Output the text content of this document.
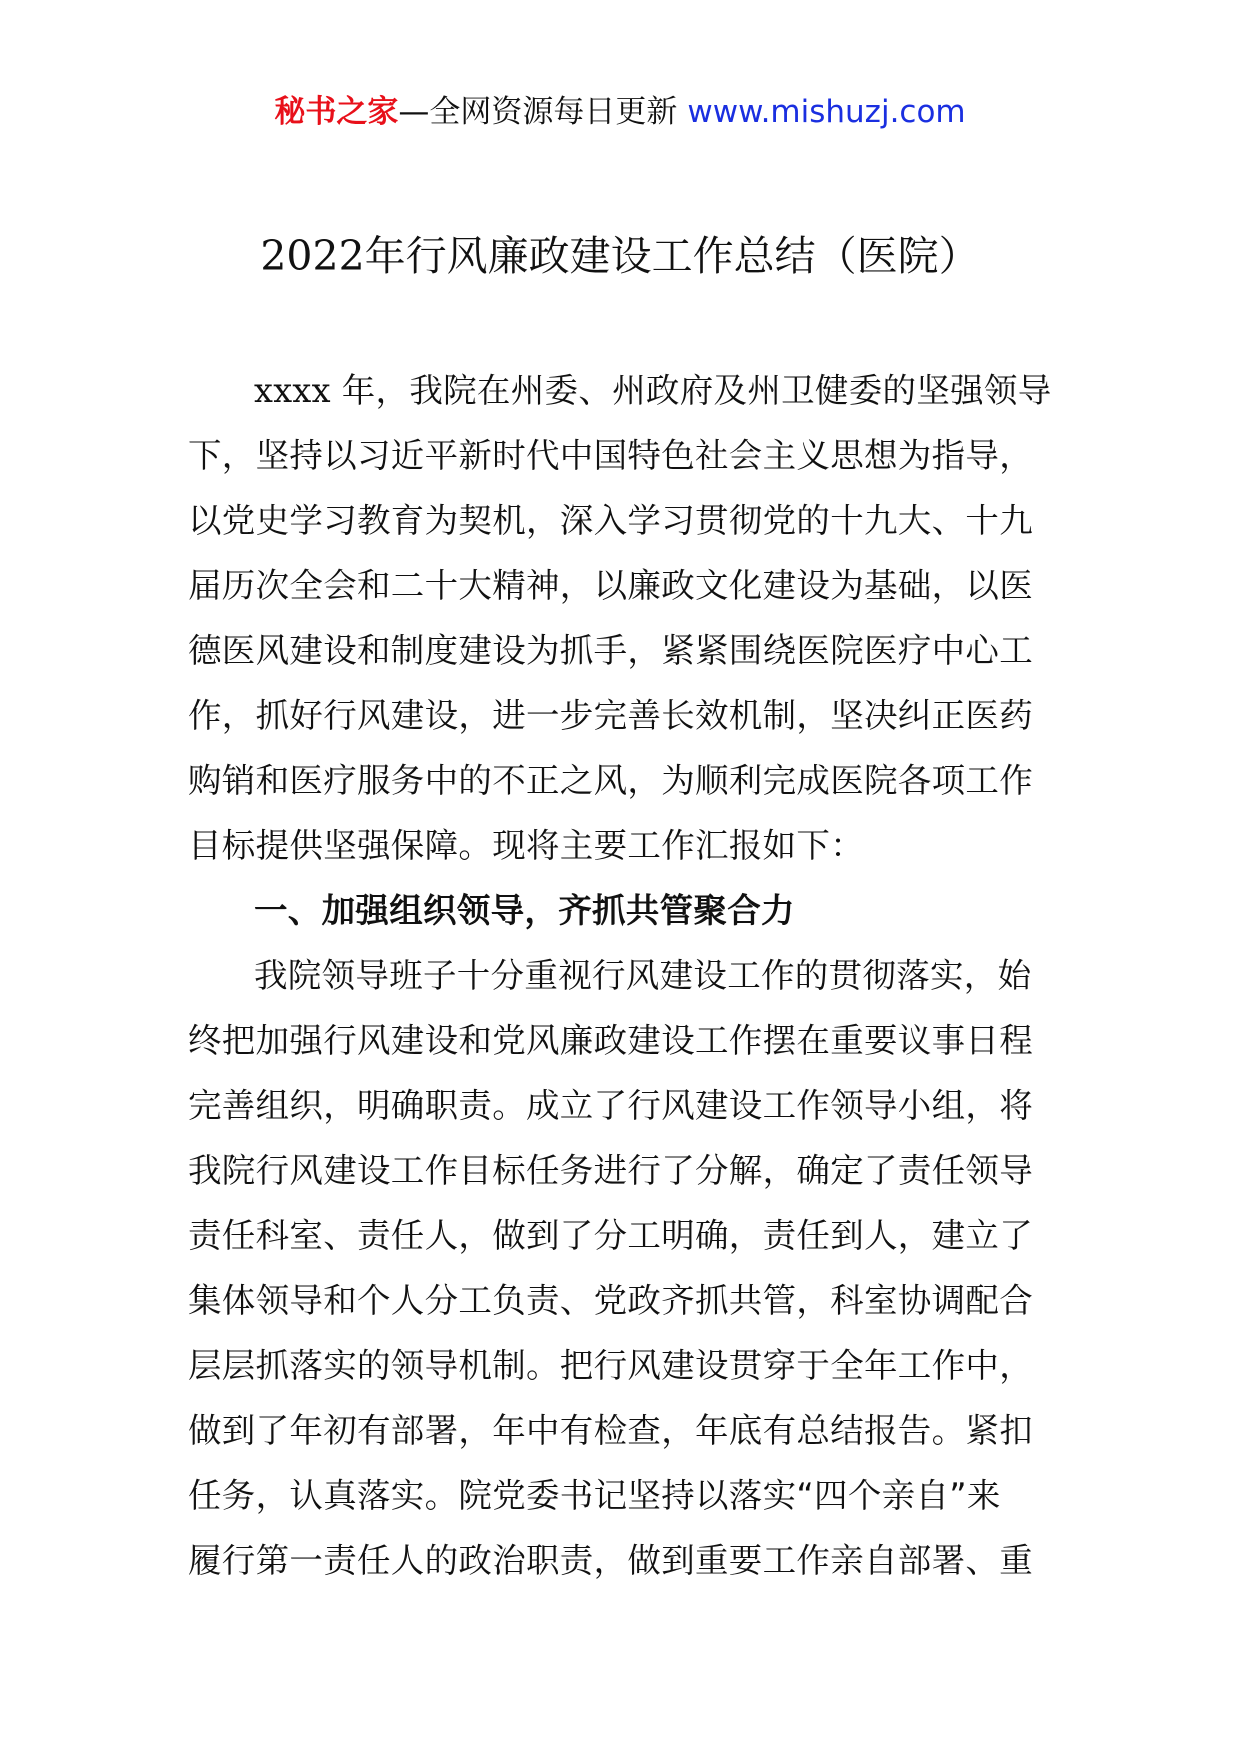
秘书之家—全网资源每日更新 www.mishuzj.com
2022年行风廉政建设工作总结（医院）
xxxx 年，我院在州委、州政府及州卫健委的坚强领导
下，坚持以习近平新时代中国特色社会主义思想为指导，
以党史学习教育为契机，深入学习贯彻党的十九大、十九
届历次全会和二十大精神，以廉政文化建设为基础，以医
德医风建设和制度建设为抓手，紧紧围绕医院医疗中心工
作，抓好行风建设，进一步完善长效机制，坚决纠正医药
购销和医疗服务中的不正之风，为顺利完成医院各项工作
目标提供坚强保障。现将主要工作汇报如下：
一、加强组织领导，齐抓共管聚合力
我院领导班子十分重视行风建设工作的贯彻落实，始
终把加强行风建设和党风廉政建设工作摆在重要议事日程
完善组织，明确职责。成立了行风建设工作领导小组，将
我院行风建设工作目标任务进行了分解，确定了责任领导
责任科室、责任人，做到了分工明确，责任到人，建立了
集体领导和个人分工负责、党政齐抓共管，科室协调配合
层层抓落实的领导机制。把行风建设贯穿于全年工作中，
做到了年初有部署，年中有检查，年底有总结报告。紧扣
任务，认真落实。院党委书记坚持以落实“四个亲自”来
履行第一责任人的政治职责，做到重要工作亲自部署、重
